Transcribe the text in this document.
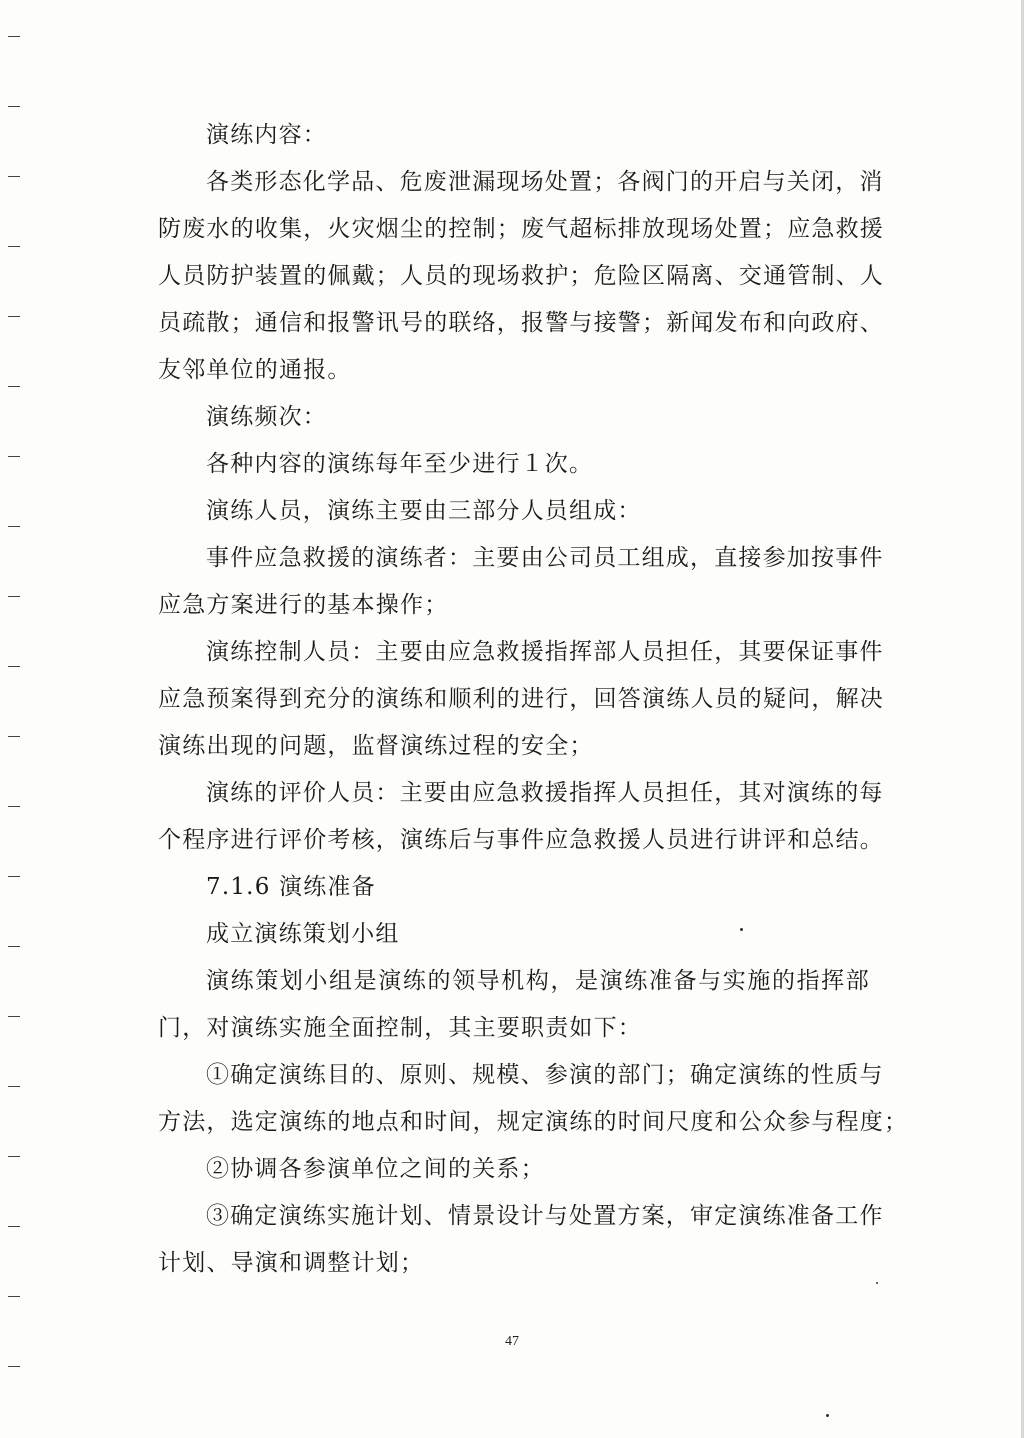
演练内容：
各类形态化学品、危废泄漏现场处置；各阀门的开启与关闭，消
防废水的收集，火灾烟尘的控制；废气超标排放现场处置；应急救援
人员防护装置的佩戴；人员的现场救护；危险区隔离、交通管制、人
员疏散；通信和报警讯号的联络，报警与接警；新闻发布和向政府、
友邻单位的通报。
演练频次：
各种内容的演练每年至少进行１次。
演练人员，演练主要由三部分人员组成：
事件应急救援的演练者：主要由公司员工组成，直接参加按事件
应急方案进行的基本操作；
演练控制人员：主要由应急救援指挥部人员担任，其要保证事件
应急预案得到充分的演练和顺利的进行，回答演练人员的疑问，解决
演练出现的问题，监督演练过程的安全；
演练的评价人员：主要由应急救援指挥人员担任，其对演练的每
个程序进行评价考核，演练后与事件应急救援人员进行讲评和总结。
7.1.6 演练准备
成立演练策划小组
演练策划小组是演练的领导机构，是演练准备与实施的指挥部
门，对演练实施全面控制，其主要职责如下：
①确定演练目的、原则、规模、参演的部门；确定演练的性质与
方法，选定演练的地点和时间，规定演练的时间尺度和公众参与程度；
②协调各参演单位之间的关系；
③确定演练实施计划、情景设计与处置方案，审定演练准备工作
计划、导演和调整计划；
47
